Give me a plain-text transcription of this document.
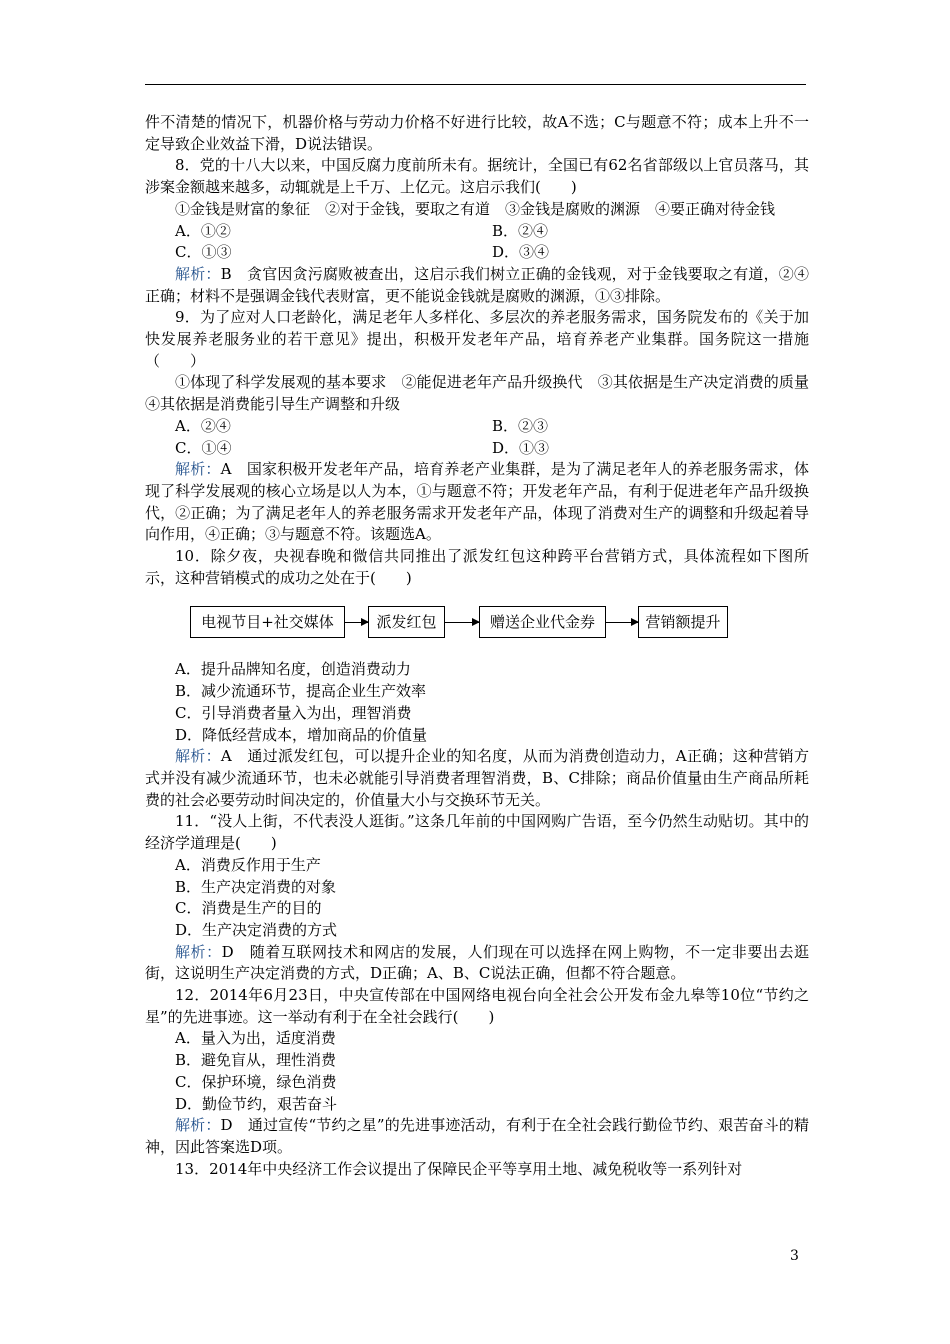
件不清楚的情况下，机器价格与劳动力价格不好进行比较，故A不选；C与题意不符；成本上升不一定导致企业效益下滑，D说法错误。

8．党的十八大以来，中国反腐力度前所未有。据统计，全国已有62名省部级以上官员落马，其涉案金额越来越多，动辄就是上千万、上亿元。这启示我们(　　)

①金钱是财富的象征　②对于金钱，要取之有道　③金钱是腐败的渊源　④要正确对待金钱

A．①②	B．②④
C．①③	D．③④

解析：B　贪官因贪污腐败被查出，这启示我们树立正确的金钱观，对于金钱要取之有道，②④正确；材料不是强调金钱代表财富，更不能说金钱就是腐败的渊源，①③排除。

9．为了应对人口老龄化，满足老年人多样化、多层次的养老服务需求，国务院发布的《关于加快发展养老服务业的若干意见》提出，积极开发老年产品，培育养老产业集群。国务院这一措施（　　）

①体现了科学发展观的基本要求　②能促进老年产品升级换代　③其依据是生产决定消费的质量　④其依据是消费能引导生产调整和升级

A．②④	B．②③
C．①④	D．①③

解析：A　国家积极开发老年产品，培育养老产业集群，是为了满足老年人的养老服务需求，体现了科学发展观的核心立场是以人为本，①与题意不符；开发老年产品，有利于促进老年产品升级换代，②正确；为了满足老年人的养老服务需求开发老年产品，体现了消费对生产的调整和升级起着导向作用，④正确；③与题意不符。该题选A。

10．除夕夜，央视春晚和微信共同推出了派发红包这种跨平台营销方式，具体流程如下图所示，这种营销模式的成功之处在于(　　)

电视节目+社交媒体	派发红包	赠送企业代金券	营销额提升

A．提升品牌知名度，创造消费动力

B．减少流通环节，提高企业生产效率

C．引导消费者量入为出，理智消费

D．降低经营成本，增加商品的价值量

解析：A　通过派发红包，可以提升企业的知名度，从而为消费创造动力，A正确；这种营销方式并没有减少流通环节，也未必就能引导消费者理智消费，B、C排除；商品价值量由生产商品所耗费的社会必要劳动时间决定的，价值量大小与交换环节无关。

11．“没人上街，不代表没人逛街。”这条几年前的中国网购广告语，至今仍然生动贴切。其中的经济学道理是(　　)

A．消费反作用于生产

B．生产决定消费的对象

C．消费是生产的目的

D．生产决定消费的方式

解析：D　随着互联网技术和网店的发展，人们现在可以选择在网上购物，不一定非要出去逛街，这说明生产决定消费的方式，D正确；A、B、C说法正确，但都不符合题意。

12．2014年6月23日，中央宣传部在中国网络电视台向全社会公开发布金九皋等10位“节约之星”的先进事迹。这一举动有利于在全社会践行(　　)

A．量入为出，适度消费

B．避免盲从，理性消费

C．保护环境，绿色消费

D．勤俭节约，艰苦奋斗

解析：D　通过宣传“节约之星”的先进事迹活动，有利于在全社会践行勤俭节约、艰苦奋斗的精神，因此答案选D项。

13．2014年中央经济工作会议提出了保障民企平等享用土地、减免税收等一系列针对

3
